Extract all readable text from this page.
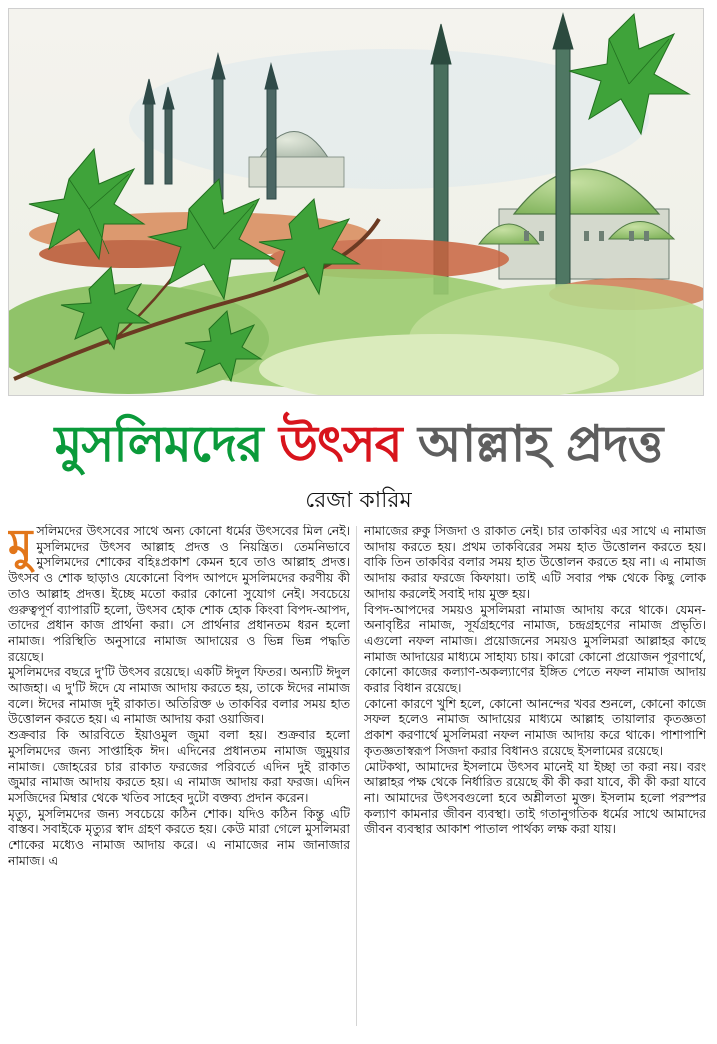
মুসলিমদের উৎসব আল্লাহ প্রদত্ত
রেজা কারিম

মু সলিমদের উৎসবের সাথে অন্য কোনো ধর্মের উৎসবের মিল নেই। মুসলিমদের উৎসব আল্লাহ প্রদত্ত ও নিয়ন্ত্রিত। তেমনিভাবে মুসলিমদের শোকের বহিঃপ্রকাশ কেমন হবে তাও আল্লাহ প্রদত্ত। উৎসব ও শোক ছাড়াও যেকোনো বিপদ আপদে মুসলিমদের করণীয় কী তাও আল্লাহ প্রদত্ত। ইচ্ছে মতো করার কোনো সুযোগ নেই। সবচেয়ে গুরুত্বপূর্ণ ব্যাপারটি হলো, উৎসব হোক শোক হোক কিংবা বিপদ-আপদ, তাদের প্রধান কাজ প্রার্থনা করা। সে প্রার্থনার প্রধানতম ধরন হলো নামাজ। পরিস্থিতি অনুসারে নামাজ আদায়ের ও ভিন্ন ভিন্ন পদ্ধতি রয়েছে।

মুসলিমদের বছরে দু'টি উৎসব রয়েছে। একটি ঈদুল ফিতর। অন্যটি ঈদুল আজহা। এ দু'টি ঈদে যে নামাজ আদায় করতে হয়, তাকে ঈদের নামাজ বলে। ঈদের নামাজ দুই রাকাত। অতিরিক্ত ৬ তাকবির বলার সময় হাত উত্তোলন করতে হয়। এ নামাজ আদায় করা ওয়াজিব।

শুক্রবার কি আরবিতে ইয়াওমুল জুমা বলা হয়। শুক্রবার হলো মুসলিমদের জন্য সাপ্তাহিক ঈদ। এদিনের প্রধানতম নামাজ জুমুয়ার নামাজ। জোহরের চার রাকাত ফরজের পরিবর্তে এদিন দুই রাকাত জুমার নামাজ আদায় করতে হয়। এ নামাজ আদায় করা ফরজ। এদিন মসজিদের মিম্বার থেকে খতিব সাহেব দুটো বক্তব্য প্রদান করেন।

মৃত্যু, মুসলিমদের জন্য সবচেয়ে কঠিন শোক। যদিও কঠিন কিন্তু এটি বাস্তব। সবাইকে মৃত্যুর স্বাদ গ্রহণ করতে হয়। কেউ মারা গেলে মুসলিমরা শোকের মধ্যেও নামাজ আদায় করে। এ নামাজের নাম জানাজার নামাজ। এ

নামাজের রুকু সিজদা ও রাকাত নেই। চার তাকবির এর সাথে এ নামাজ আদায় করতে হয়। প্রথম তাকবিরের সময় হাত উত্তোলন করতে হয়। বাকি তিন তাকবির বলার সময় হাত উত্তোলন করতে হয় না। এ নামাজ আদায় করার ফরজে কিফায়া। তাই এটি সবার পক্ষ থেকে কিছু লোক আদায় করলেই সবাই দায় মুক্ত হয়।

বিপদ-আপদের সময়ও মুসলিমরা নামাজ আদায় করে থাকে। যেমন- অনাবৃষ্টির নামাজ, সূর্যগ্রহণের নামাজ, চন্দ্রগ্রহণের নামাজ প্রভৃতি। এগুলো নফল নামাজ। প্রয়োজনের সময়ও মুসলিমরা আল্লাহর কাছে নামাজ আদায়ের মাধ্যমে সাহায্য চায়। কারো কোনো প্রয়োজন পূরণার্থে, কোনো কাজের কল্যাণ-অকল্যাণের ইঙ্গিত পেতে নফল নামাজ আদায় করার বিধান রয়েছে।

কোনো কারণে খুশি হলে, কোনো আনন্দের খবর শুনলে, কোনো কাজে সফল হলেও নামাজ আদায়ের মাধ্যমে আল্লাহ তায়ালার কৃতজ্ঞতা প্রকাশ করণার্থে মুসলিমরা নফল নামাজ আদায় করে থাকে। পাশাপাশি কৃতজ্ঞতাস্বরূপ সিজদা করার বিধানও রয়েছে ইসলামের রয়েছে।

মোটকথা, আমাদের ইসলামে উৎসব মানেই যা ইচ্ছা তা করা নয়। বরং আল্লাহর পক্ষ থেকে নির্ধারিত রয়েছে কী কী করা যাবে, কী কী করা যাবে না। আমাদের উৎসবগুলো হবে অশ্লীলতা মুক্ত। ইসলাম হলো পরস্পর কল্যাণ কামনার জীবন ব্যবস্থা। তাই গতানুগতিক ধর্মের সাথে আমাদের জীবন ব্যবস্থার আকাশ পাতাল পার্থক্য লক্ষ করা যায়।
